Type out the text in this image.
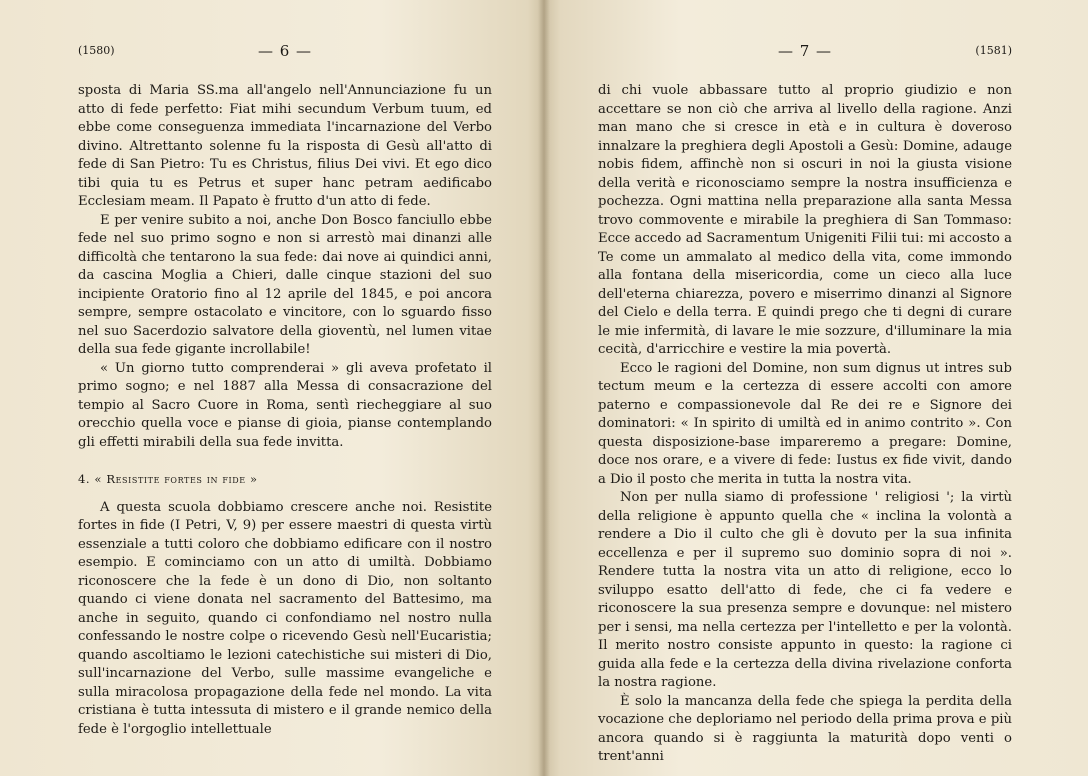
(1580)	— 6 —

sposta di Maria SS.ma all'angelo nell'Annunciazione fu un atto di fede perfetto: Fiat mihi secundum Verbum tuum, ed ebbe come conseguenza immediata l'incarnazione del Verbo divino. Altrettanto solenne fu la risposta di Gesù all'atto di fede di San Pietro: Tu es Christus, filius Dei vivi. Et ego dico tibi quia tu es Petrus et super hanc petram aedificabo Ecclesiam meam. Il Papato è frutto d'un atto di fede.

E per venire subito a noi, anche Don Bosco fanciullo ebbe fede nel suo primo sogno e non si arrestò mai dinanzi alle difficoltà che tentarono la sua fede: dai nove ai quindici anni, da cascina Moglia a Chieri, dalle cinque stazioni del suo incipiente Oratorio fino al 12 aprile del 1845, e poi ancora sempre, sempre ostacolato e vincitore, con lo sguardo fisso nel suo Sacerdozio salvatore della gioventù, nel lumen vitae della sua fede gigante incrollabile!

« Un giorno tutto comprenderai » gli aveva profetato il primo sogno; e nel 1887 alla Messa di consacrazione del tempio al Sacro Cuore in Roma, sentì riecheggiare al suo orecchio quella voce e pianse di gioia, pianse contemplando gli effetti mirabili della sua fede invitta.

4. « Resistite fortes in fide »

A questa scuola dobbiamo crescere anche noi. Resistite fortes in fide (I Petri, V, 9) per essere maestri di questa virtù essenziale a tutti coloro che dobbiamo edificare con il nostro esempio. E cominciamo con un atto di umiltà. Dobbiamo riconoscere che la fede è un dono di Dio, non soltanto quando ci viene donata nel sacramento del Battesimo, ma anche in seguito, quando ci confondiamo nel nostro nulla confessando le nostre colpe o ricevendo Gesù nell'Eucaristia; quando ascoltiamo le lezioni catechistiche sui misteri di Dio, sull'incarnazione del Verbo, sulle massime evangeliche e sulla miracolosa propagazione della fede nel mondo. La vita cristiana è tutta intessuta di mistero e il grande nemico della fede è l'orgoglio intellettuale

— 7 —	(1581)

di chi vuole abbassare tutto al proprio giudizio e non accettare se non ciò che arriva al livello della ragione. Anzi man mano che si cresce in età e in cultura è doveroso innalzare la preghiera degli Apostoli a Gesù: Domine, adauge nobis fidem, affinchè non si oscuri in noi la giusta visione della verità e riconosciamo sempre la nostra insufficienza e pochezza. Ogni mattina nella preparazione alla santa Messa trovo commovente e mirabile la preghiera di San Tommaso: Ecce accedo ad Sacramentum Unigeniti Filii tui: mi accosto a Te come un ammalato al medico della vita, come immondo alla fontana della misericordia, come un cieco alla luce dell'eterna chiarezza, povero e miserrimo dinanzi al Signore del Cielo e della terra. E quindi prego che ti degni di curare le mie infermità, di lavare le mie sozzure, d'illuminare la mia cecità, d'arricchire e vestire la mia povertà.

Ecco le ragioni del Domine, non sum dignus ut intres sub tectum meum e la certezza di essere accolti con amore paterno e compassionevole dal Re dei re e Signore dei dominatori: « In spirito di umiltà ed in animo contrito ». Con questa disposizione-base impareremo a pregare: Domine, doce nos orare, e a vivere di fede: Iustus ex fide vivit, dando a Dio il posto che merita in tutta la nostra vita.

Non per nulla siamo di professione ' religiosi '; la virtù della religione è appunto quella che « inclina la volontà a rendere a Dio il culto che gli è dovuto per la sua infinita eccellenza e per il supremo suo dominio sopra di noi ». Rendere tutta la nostra vita un atto di religione, ecco lo sviluppo esatto dell'atto di fede, che ci fa vedere e riconoscere la sua presenza sempre e dovunque: nel mistero per i sensi, ma nella certezza per l'intelletto e per la volontà. Il merito nostro consiste appunto in questo: la ragione ci guida alla fede e la certezza della divina rivelazione conforta la nostra ragione.

È solo la mancanza della fede che spiega la perdita della vocazione che deploriamo nel periodo della prima prova e più ancora quando si è raggiunta la maturità dopo venti o trent'anni
